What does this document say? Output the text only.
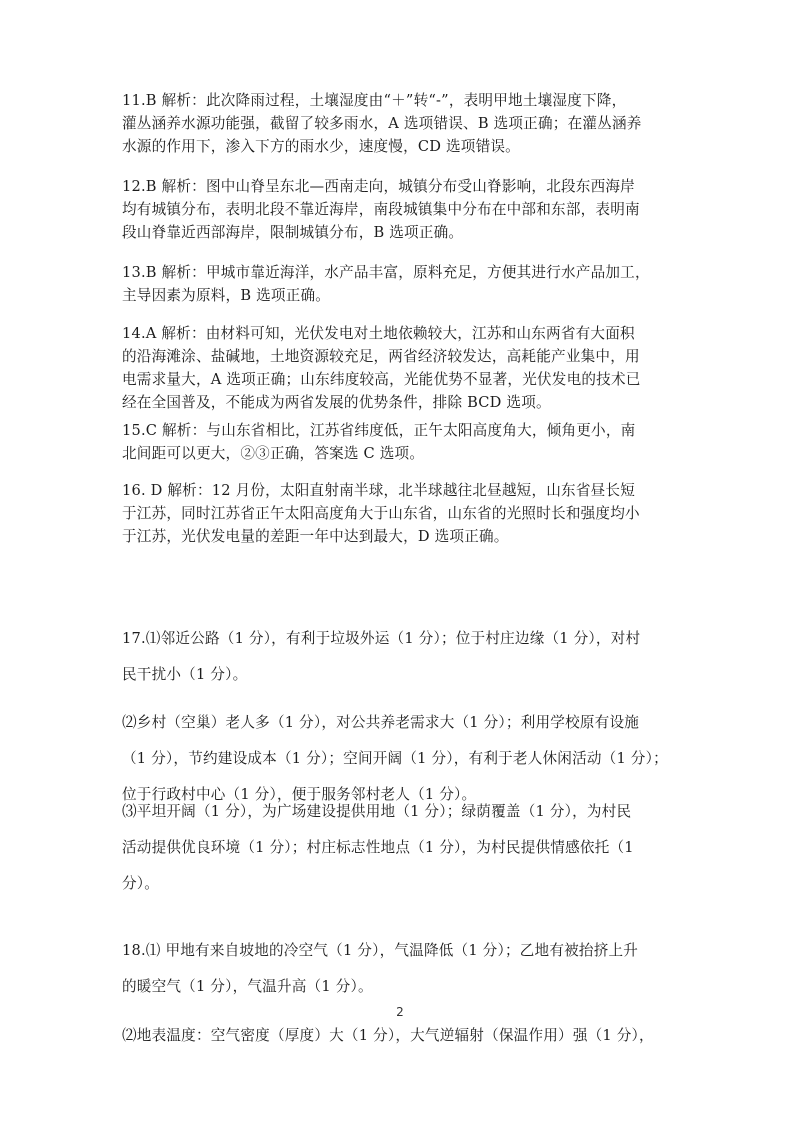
11.B 解析：此次降雨过程，土壤湿度由“＋”转“-”，表明甲地土壤湿度下降，
灌丛涵养水源功能强，截留了较多雨水，A 选项错误、B 选项正确；在灌丛涵养
水源的作用下，渗入下方的雨水少，速度慢，CD 选项错误。
12.B 解析：图中山脊呈东北—西南走向，城镇分布受山脊影响，北段东西海岸
均有城镇分布，表明北段不靠近海岸，南段城镇集中分布在中部和东部，表明南
段山脊靠近西部海岸，限制城镇分布，B 选项正确。
13.B 解析：甲城市靠近海洋，水产品丰富，原料充足，方便其进行水产品加工，
主导因素为原料，B 选项正确。
14.A 解析：由材料可知，光伏发电对土地依赖较大，江苏和山东两省有大面积
的沿海滩涂、盐碱地，土地资源较充足，两省经济较发达，高耗能产业集中，用
电需求量大，A 选项正确；山东纬度较高，光能优势不显著，光伏发电的技术已
经在全国普及，不能成为两省发展的优势条件，排除 BCD 选项。
15.C 解析：与山东省相比，江苏省纬度低，正午太阳高度角大，倾角更小，南
北间距可以更大，②③正确，答案选 C 选项。
16. D 解析：12 月份，太阳直射南半球，北半球越往北昼越短，山东省昼长短
于江苏，同时江苏省正午太阳高度角大于山东省，山东省的光照时长和强度均小
于江苏，光伏发电量的差距一年中达到最大，D 选项正确。
17.⑴邻近公路（1 分），有利于垃圾外运（1 分）；位于村庄边缘（1 分），对村
民干扰小（1 分）。
⑵乡村（空巢）老人多（1 分），对公共养老需求大（1 分）；利用学校原有设施
（1 分），节约建设成本（1 分）；空间开阔（1 分），有利于老人休闲活动（1 分）；
位于行政村中心（1 分），便于服务邻村老人（1 分）。
⑶平坦开阔（1 分），为广场建设提供用地（1 分）；绿荫覆盖（1 分），为村民
活动提供优良环境（1 分）；村庄标志性地点（1 分），为村民提供情感依托（1
分）。
18.⑴ 甲地有来自坡地的冷空气（1 分），气温降低（1 分）；乙地有被抬挤上升
的暖空气（1 分），气温升高（1 分）。
⑵地表温度：空气密度（厚度）大（1 分），大气逆辐射（保温作用）强（1 分），
2
